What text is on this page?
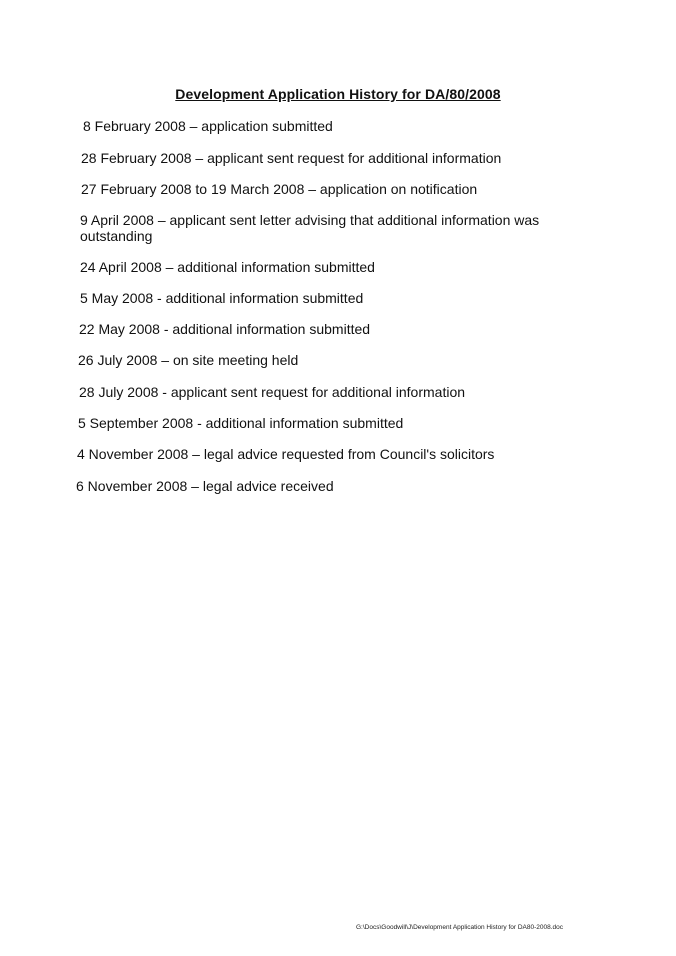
Development Application History for DA/80/2008
8 February 2008 – application submitted
28 February 2008 – applicant sent request for additional information
27 February 2008 to 19 March 2008 – application on notification
9 April 2008 – applicant sent letter advising that additional information was outstanding
24 April 2008 – additional information submitted
5 May 2008 - additional information submitted
22 May 2008 - additional information submitted
26 July 2008 – on site meeting held
28 July 2008 - applicant sent request for additional information
5 September 2008 - additional information submitted
4 November 2008 – legal advice requested from Council's solicitors
6 November 2008 – legal advice received
G:\Docs\Goodwill\J\Development Application History for DA80-2008.doc
